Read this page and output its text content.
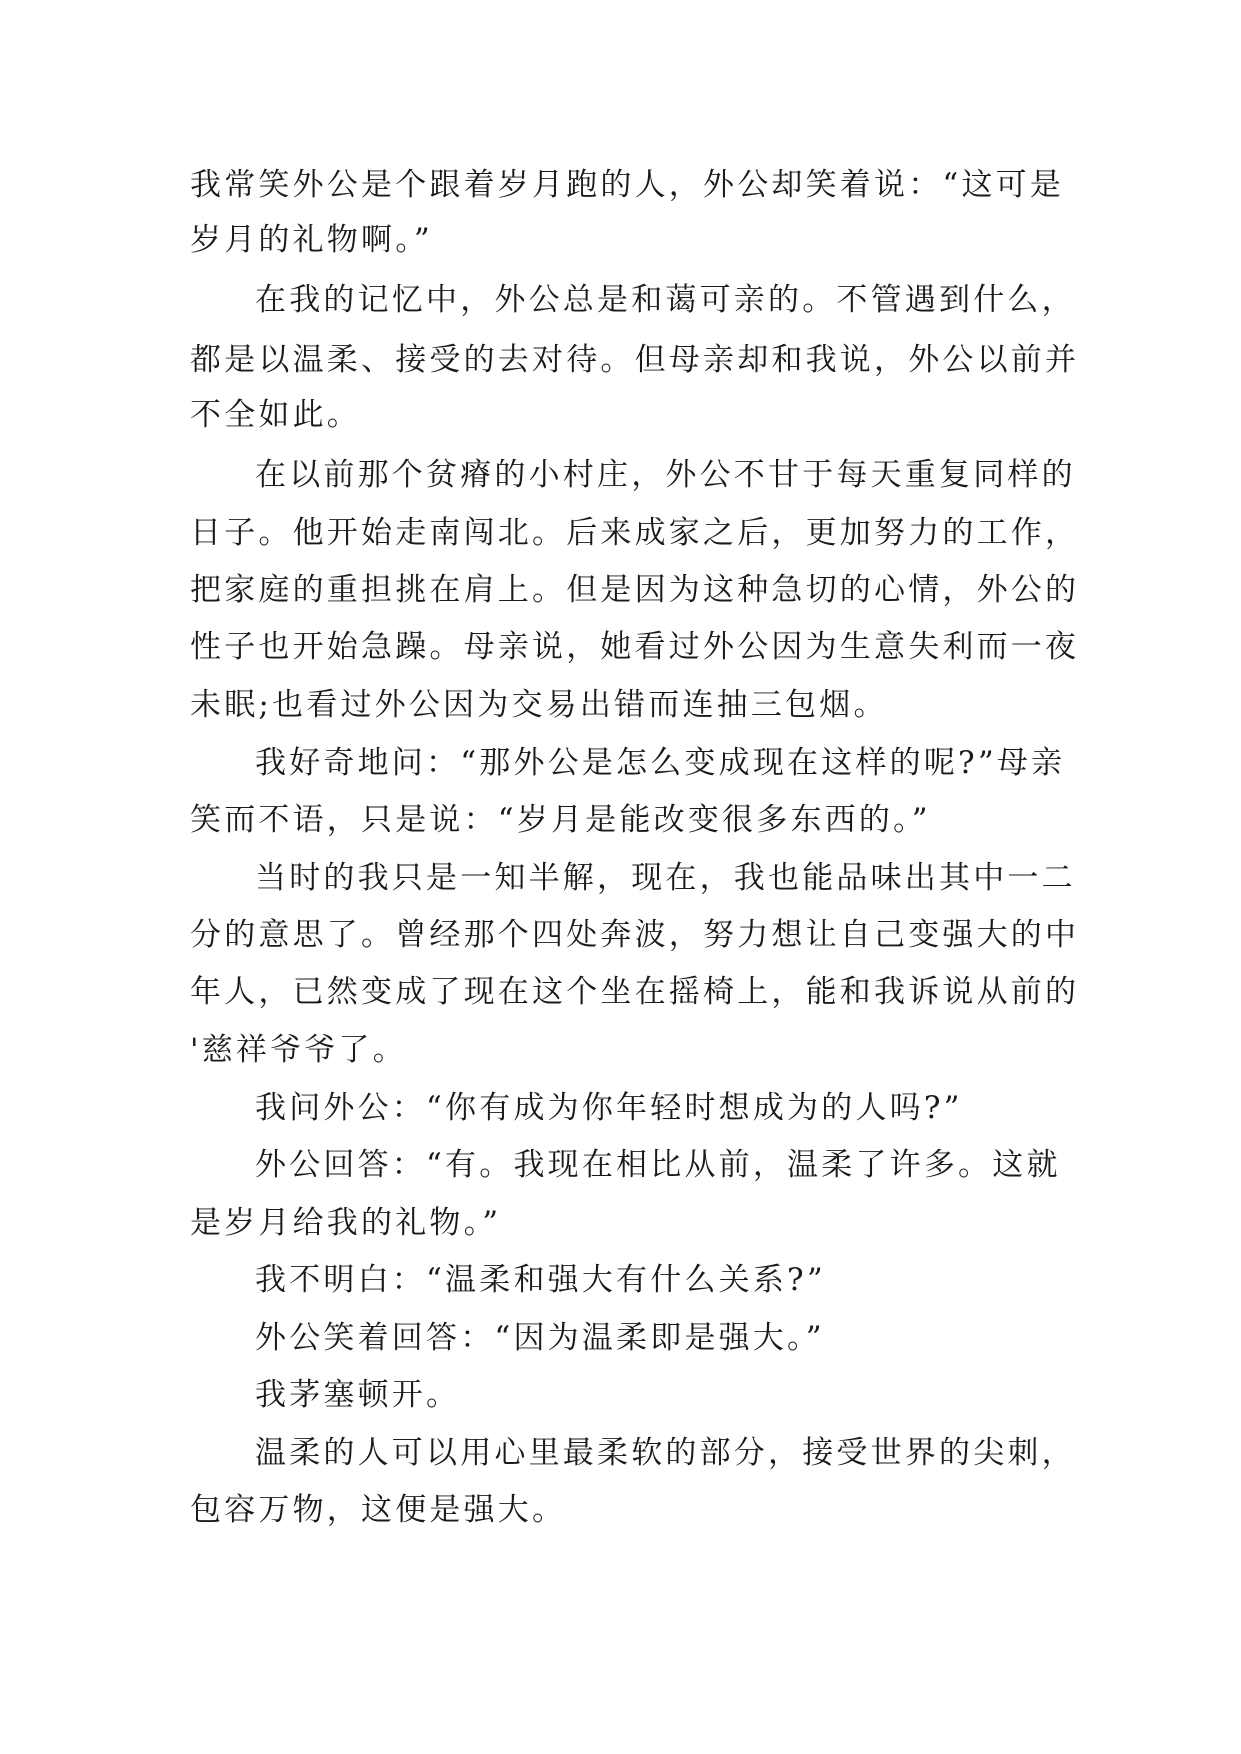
我常笑外公是个跟着岁月跑的人，外公却笑着说：“这可是
岁月的礼物啊。”
在我的记忆中，外公总是和蔼可亲的。不管遇到什么，
都是以温柔、接受的去对待。但母亲却和我说，外公以前并
不全如此。
在以前那个贫瘠的小村庄，外公不甘于每天重复同样的
日子。他开始走南闯北。后来成家之后，更加努力的工作，
把家庭的重担挑在肩上。但是因为这种急切的心情，外公的
性子也开始急躁。母亲说，她看过外公因为生意失利而一夜
未眠;也看过外公因为交易出错而连抽三包烟。
我好奇地问：“那外公是怎么变成现在这样的呢?”母亲
笑而不语，只是说：“岁月是能改变很多东西的。”
当时的我只是一知半解，现在，我也能品味出其中一二
分的意思了。曾经那个四处奔波，努力想让自己变强大的中
年人，已然变成了现在这个坐在摇椅上，能和我诉说从前的
'慈祥爷爷了。
我问外公：“你有成为你年轻时想成为的人吗?”
外公回答：“有。我现在相比从前，温柔了许多。这就
是岁月给我的礼物。”
我不明白：“温柔和强大有什么关系?”
外公笑着回答：“因为温柔即是强大。”
我茅塞顿开。
温柔的人可以用心里最柔软的部分，接受世界的尖刺，
包容万物，这便是强大。
